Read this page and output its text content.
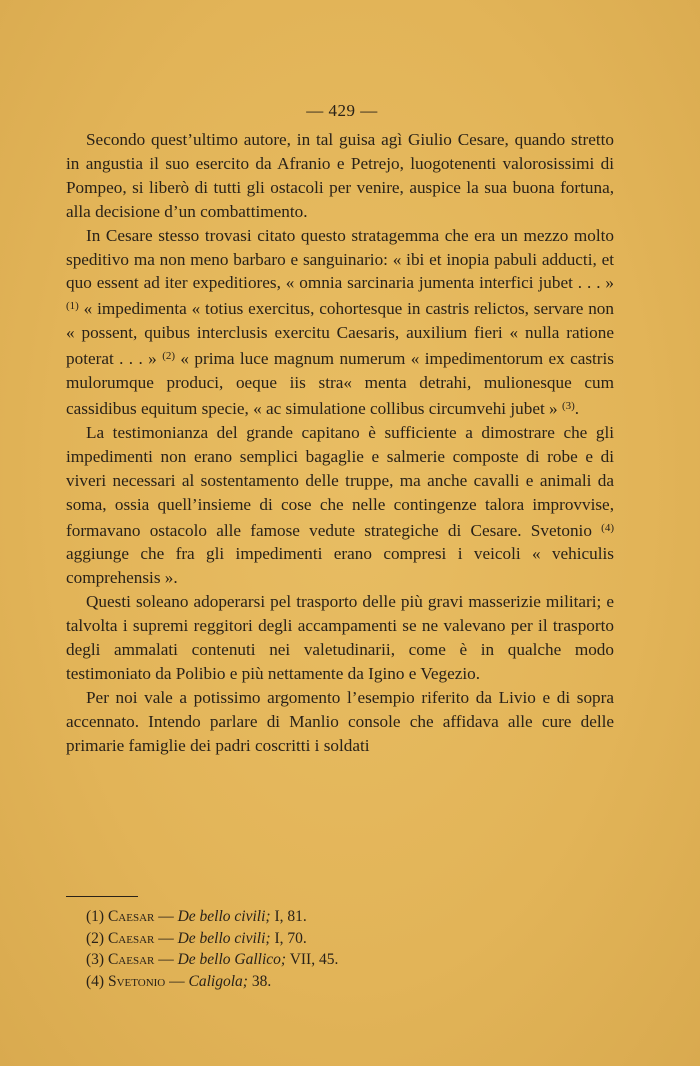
— 429 —

Secondo quest’ultimo autore, in tal guisa agì Giulio Cesare, quando stretto in angustia il suo esercito da Afranio e Petrejo, luogotenenti valorosissimi di Pompeo, si liberò di tutti gli ostacoli per venire, auspice la sua buona fortuna, alla decisione d’un combattimento.

In Cesare stesso trovasi citato questo stratagemma che era un mezzo molto speditivo ma non meno barbaro e sanguinario: « ibi et inopia pabuli adducti, et quo essent ad iter expeditiores, « omnia sarcinaria jumenta interfici jubet . . . » $^{(1)}$ « impedimenta « totius exercitus, cohortesque in castris relictos, servare non « possent, quibus interclusis exercitu Caesaris, auxilium fieri « nulla ratione poterat . . . » $^{(2)}$ « prima luce magnum numerum « impedimentorum ex castris mulorumque produci, oeque iis stra« menta detrahi, mulionesque cum cassidibus equitum specie, « ac simulatione collibus circumvehi jubet » $^{(3)}$.

La testimonianza del grande capitano è sufficiente a dimostrare che gli impedimenti non erano semplici bagaglie e salmerie composte di robe e di viveri necessari al sostentamento delle truppe, ma anche cavalli e animali da soma, ossia quell’insieme di cose che nelle contingenze talora improvvise, formavano ostacolo alle famose vedute strategiche di Cesare. Svetonio $^{(4)}$ aggiunge che fra gli impedimenti erano compresi i veicoli « vehiculis comprehensis ».

Questi soleano adoperarsi pel trasporto delle più gravi masserizie militari; e talvolta i supremi reggitori degli accampamenti se ne valevano per il trasporto degli ammalati contenuti nei valetudinarii, come è in qualche modo testimoniato da Polibio e più nettamente da Igino e Vegezio.

Per noi vale a potissimo argomento l’esempio riferito da Livio e di sopra accennato. Intendo parlare di Manlio console che affidava alle cure delle primarie famiglie dei padri coscritti i soldati

(1) Caesar — De bello civili; I, 81.
(2) Caesar — De bello civili; I, 70.
(3) Caesar — De bello Gallico; VII, 45.
(4) Svetonio — Caligola; 38.
